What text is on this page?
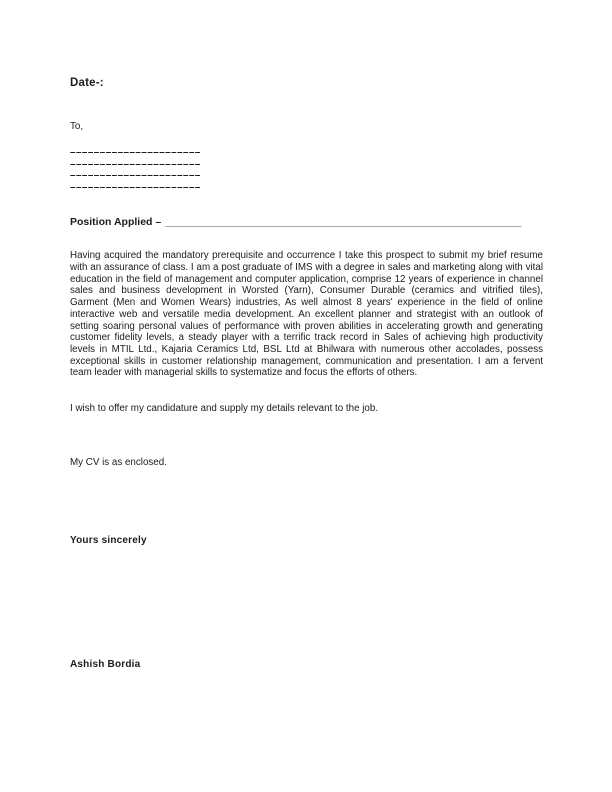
Date-:
To,
––––––––––––––––––––––
––––––––––––––––––––––
––––––––––––––––––––––
––––––––––––––––––––––
Position Applied – _____________________________________________________________
Having acquired the mandatory prerequisite and occurrence I take this prospect to submit my brief resume with an assurance of class. I am a post graduate of IMS with a degree in sales and marketing along with vital education in the field of management and computer application, comprise 12 years of experience in channel sales and business development in Worsted (Yarn), Consumer Durable (ceramics and vitrified tiles), Garment (Men and Women Wears) industries, As well almost 8 years' experience in the field of online interactive web and versatile media development. An excellent planner and strategist with an outlook of setting soaring personal values of performance with proven abilities in accelerating growth and generating customer fidelity levels, a steady player with a terrific track record in Sales of achieving high productivity levels in MTIL Ltd., Kajaria Ceramics Ltd, BSL Ltd at Bhilwara with numerous other accolades, possess exceptional skills in customer relationship management, communication and presentation. I am a fervent team leader with managerial skills to systematize and focus the efforts of others.
I wish to offer my candidature and supply my details relevant to the job.
My CV is as enclosed.
Yours sincerely
Ashish Bordia
